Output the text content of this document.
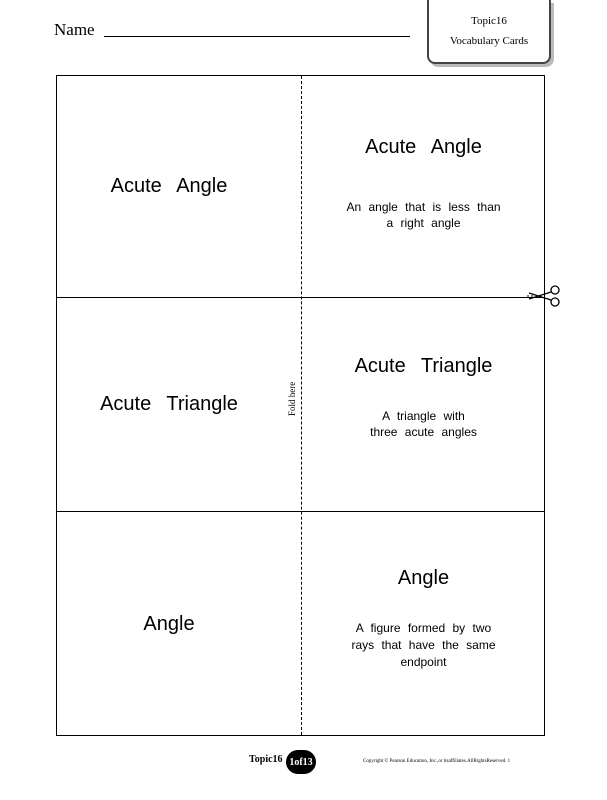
Name	Topic16
Vocabulary Cards
Acute Angle
Acute Angle
An angle that is less than
a right angle
Acute Triangle
Acute Triangle
A triangle with
three acute angles
Angle
Angle
A figure formed by two
rays that have the same
endpoint
Fold here
Topic16 1of13	Copyright © Pearson Education, Inc.,or itsaffiliates.AllRightsReserved. 1
